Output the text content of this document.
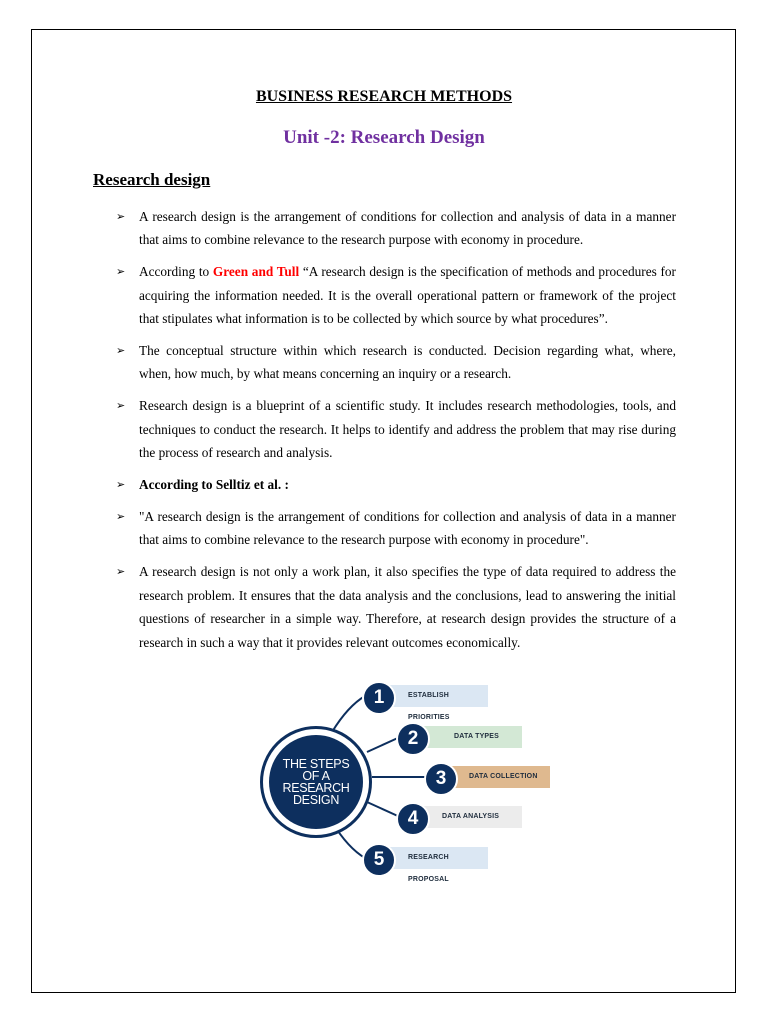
BUSINESS RESEARCH METHODS
Unit -2: Research Design
Research design
➢ A research design is the arrangement of conditions for collection and analysis of data in a manner that aims to combine relevance to the research purpose with economy in procedure.
➢ According to Green and Tull “A research design is the specification of methods and procedures for acquiring the information needed. It is the overall operational pattern or framework of the project that stipulates what information is to be collected by which source by what procedures”.
➢ The conceptual structure within which research is conducted. Decision regarding what, where, when, how much, by what means concerning an inquiry or a research.
➢ Research design is a blueprint of a scientific study. It includes research methodologies, tools, and techniques to conduct the research. It helps to identify and address the problem that may rise during the process of research and analysis.
➢ According to Selltiz et al. :
➢ "A research design is the arrangement of conditions for collection and analysis of data in a manner that aims to combine relevance to the research purpose with economy in procedure".
➢ A research design is not only a work plan, it also specifies the type of data required to address the research problem. It ensures that the data analysis and the conclusions, lead to answering the initial questions of researcher in a simple way. Therefore, at research design provides the structure of a research in such a way that it provides relevant outcomes economically.
THE STEPS
OF A
RESEARCH
DESIGN
ESTABLISH PRIORITIES
1
DATA TYPES
2
DATA COLLECTION
3
DATA ANALYSIS
4
RESEARCH PROPOSAL
5
